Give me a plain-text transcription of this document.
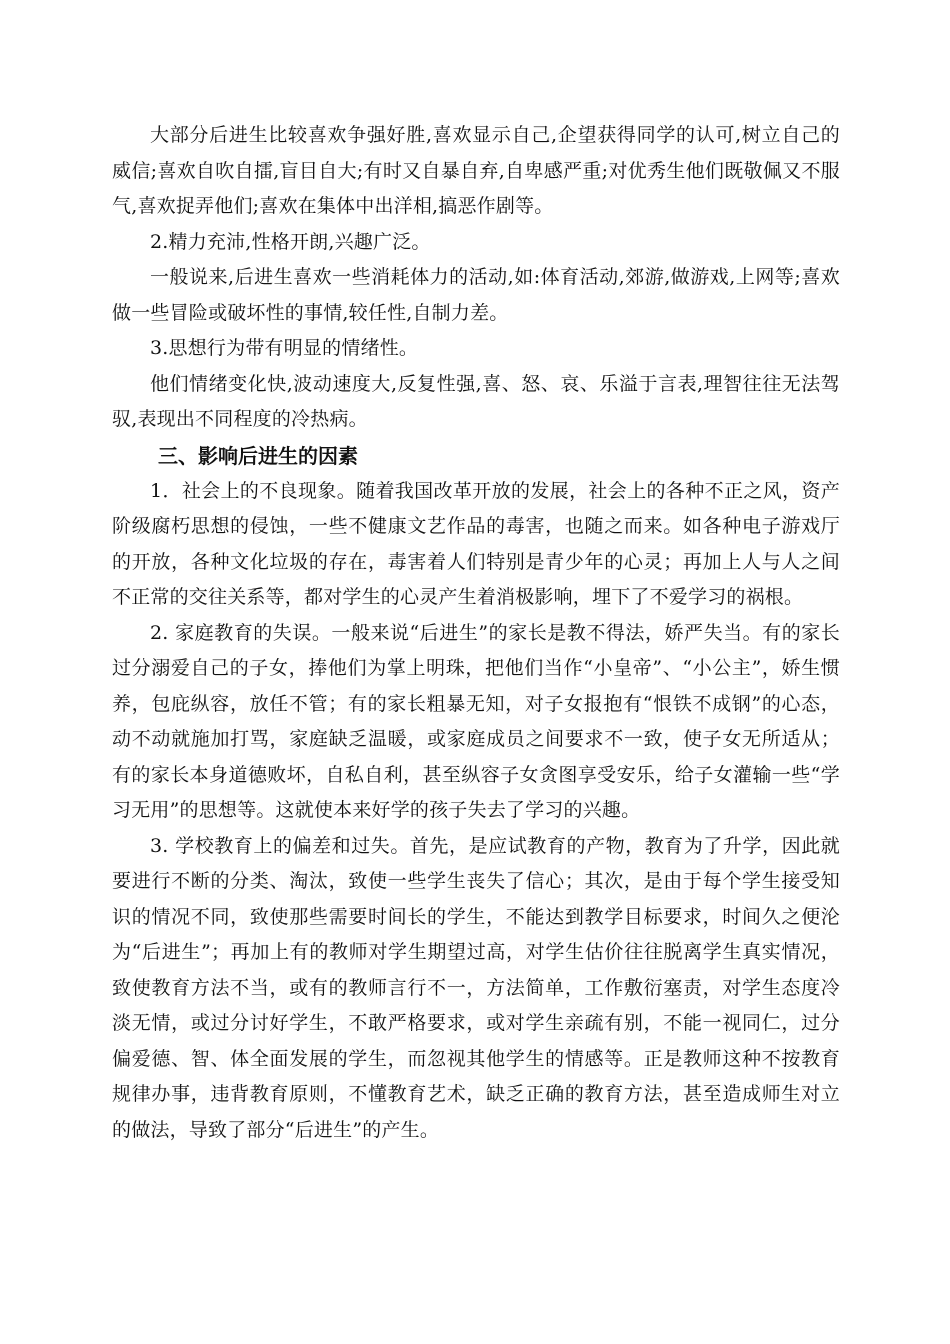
大部分后进生比较喜欢争强好胜,喜欢显示自己,企望获得同学的认可,树立自己的威信;喜欢自吹自擂,盲目自大;有时又自暴自弃,自卑感严重;对优秀生他们既敬佩又不服气,喜欢捉弄他们;喜欢在集体中出洋相,搞恶作剧等。

2.精力充沛,性格开朗,兴趣广泛。

一般说来,后进生喜欢一些消耗体力的活动,如:体育活动,郊游,做游戏,上网等;喜欢做一些冒险或破坏性的事情,较任性,自制力差。

3.思想行为带有明显的情绪性。

他们情绪变化快,波动速度大,反复性强,喜、怒、哀、乐溢于言表,理智往往无法驾驭,表现出不同程度的冷热病。

三、影响后进生的因素

1．社会上的不良现象。随着我国改革开放的发展，社会上的各种不正之风，资产阶级腐朽思想的侵蚀，一些不健康文艺作品的毒害，也随之而来。如各种电子游戏厅的开放，各种文化垃圾的存在，毒害着人们特别是青少年的心灵；再加上人与人之间不正常的交往关系等，都对学生的心灵产生着消极影响，埋下了不爱学习的祸根。

2. 家庭教育的失误。一般来说“后进生”的家长是教不得法，娇严失当。有的家长过分溺爱自己的子女，捧他们为掌上明珠，把他们当作“小皇帝”、“小公主”，娇生惯养，包庇纵容，放任不管；有的家长粗暴无知，对子女报抱有“恨铁不成钢”的心态，动不动就施加打骂，家庭缺乏温暖，或家庭成员之间要求不一致，使子女无所适从；有的家长本身道德败坏，自私自利，甚至纵容子女贪图享受安乐，给子女灌输一些“学习无用”的思想等。这就使本来好学的孩子失去了学习的兴趣。

3. 学校教育上的偏差和过失。首先，是应试教育的产物，教育为了升学，因此就要进行不断的分类、淘汰，致使一些学生丧失了信心；其次，是由于每个学生接受知识的情况不同，致使那些需要时间长的学生，不能达到教学目标要求，时间久之便沦为“后进生”；再加上有的教师对学生期望过高，对学生估价往往脱离学生真实情况，致使教育方法不当，或有的教师言行不一，方法简单，工作敷衍塞责，对学生态度冷淡无情，或过分讨好学生，不敢严格要求，或对学生亲疏有别，不能一视同仁，过分偏爱德、智、体全面发展的学生，而忽视其他学生的情感等。正是教师这种不按教育规律办事，违背教育原则，不懂教育艺术，缺乏正确的教育方法，甚至造成师生对立的做法，导致了部分“后进生”的产生。
